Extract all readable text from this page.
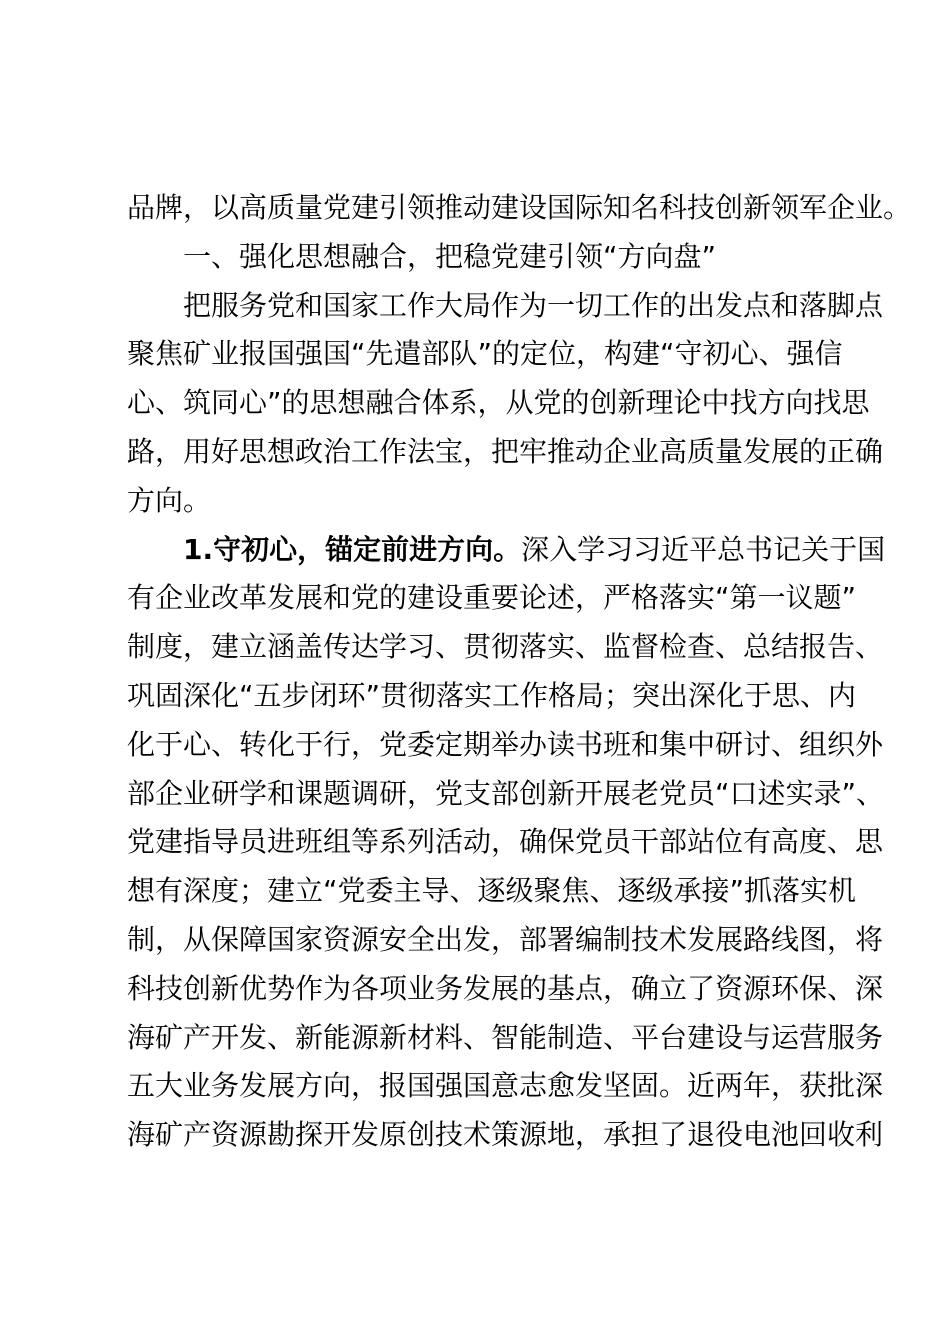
品牌，以高质量党建引领推动建设国际知名科技创新领军企业。

一、强化思想融合，把稳党建引领“方向盘”

把服务党和国家工作大局作为一切工作的出发点和落脚点
聚焦矿业报国强国“先遣部队”的定位，构建“守初心、强信
心、筑同心”的思想融合体系，从党的创新理论中找方向找思
路，用好思想政治工作法宝，把牢推动企业高质量发展的正确
方向。

1.守初心，锚定前进方向。深入学习习近平总书记关于国
有企业改革发展和党的建设重要论述，严格落实“第一议题”
制度，建立涵盖传达学习、贯彻落实、监督检查、总结报告、
巩固深化“五步闭环”贯彻落实工作格局；突出深化于思、内
化于心、转化于行，党委定期举办读书班和集中研讨、组织外
部企业研学和课题调研，党支部创新开展老党员“口述实录”、
党建指导员进班组等系列活动，确保党员干部站位有高度、思
想有深度；建立“党委主导、逐级聚焦、逐级承接”抓落实机
制，从保障国家资源安全出发，部署编制技术发展路线图，将
科技创新优势作为各项业务发展的基点，确立了资源环保、深
海矿产开发、新能源新材料、智能制造、平台建设与运营服务
五大业务发展方向，报国强国意志愈发坚固。近两年，获批深
海矿产资源勘探开发原创技术策源地，承担了退役电池回收利
